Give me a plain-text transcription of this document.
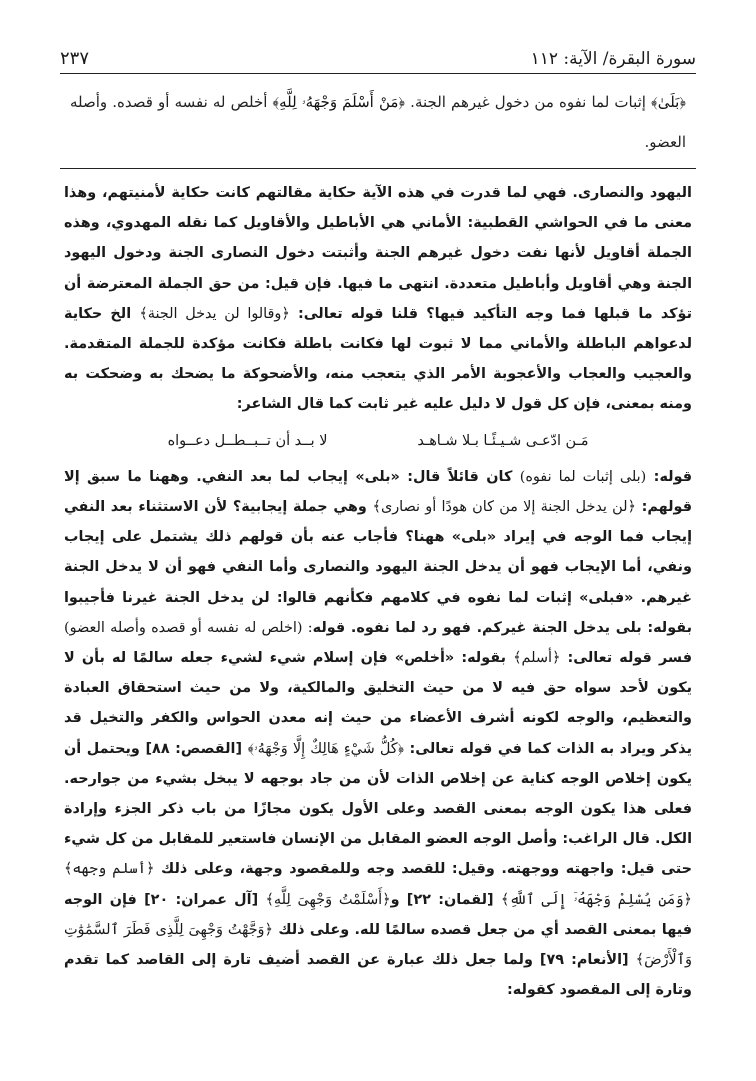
سورة البقرة/ الآية: ١١٢
٢٣٧
﴿بَلَىٰ﴾ إثبات لما نفوه من دخول غيرهم الجنة. ﴿مَنْ أَسْلَمَ وَجْهَهُۥ لِلَّهِ﴾ أخلص له نفسه أو قصده. وأصله العضو.

اليهود والنصارى. فهي لما قدرت في هذه الآية حكاية مقالتهم كانت حكاية لأمنيتهم، وهذا معنى ما في الحواشي القطبية: الأماني هي الأباطيل والأقاويل كما نقله المهدوي، وهذه الجملة أقاويل لأنها نفت دخول غيرهم الجنة وأثبتت دخول النصارى الجنة ودخول اليهود الجنة وهي أقاويل وأباطيل متعددة. انتهى ما فيها. فإن قيل: من حق الجملة المعترضة أن تؤكد ما قبلها فما وجه التأكيد فيها؟ قلنا قوله تعالى: ﴿وقالوا لن يدخل الجنة﴾ الخ حكاية لدعواهم الباطلة والأماني مما لا ثبوت لها فكانت باطلة فكانت مؤكدة للجملة المتقدمة. والعجيب والعجاب والأعجوبة الأمر الذي يتعجب منه، والأضحوكة ما يضحك به وضحكت به ومنه بمعنى، فإن كل قول لا دليل عليه غير ثابت كما قال الشاعر:

مَـن ادّعـى شـيـئًـا بـلا شـاهـد
لا بــد أن تــبــطــل دعــواه

قوله: (بلى إثبات لما نفوه) كان قائلاً قال: «بلى» إيجاب لما بعد النفي. وههنا ما سبق إلا قولهم: ﴿لن يدخل الجنة إلا من كان هودًا أو نصارى﴾ وهي جملة إيجابية؟ لأن الاستثناء بعد النفي إيجاب فما الوجه في إيراد «بلى» ههنا؟ فأجاب عنه بأن قولهم ذلك يشتمل على إيجاب ونفي، أما الإيجاب فهو أن يدخل الجنة اليهود والنصارى وأما النفي فهو أن لا يدخل الجنة غيرهم. «فبلى» إثبات لما نفوه في كلامهم فكأنهم قالوا: لن يدخل الجنة غيرنا فأجيبوا بقوله: بلى يدخل الجنة غيركم. فهو رد لما نفوه. قوله: (اخلص له نفسه أو قصده وأصله العضو) فسر قوله تعالى: ﴿أسلم﴾ بقوله: «أخلص» فإن إسلام شيء لشيء جعله سالمًا له بأن لا يكون لأحد سواه حق فيه لا من حيث التخليق والمالكية، ولا من حيث استحقاق العبادة والتعظيم، والوجه لكونه أشرف الأعضاء من حيث إنه معدن الحواس والكفر والتخيل قد يذكر ويراد به الذات كما في قوله تعالى: ﴿كُلُّ شَيْءٍ هَالِكٌ إِلَّا وَجْهَهُۥ﴾ [القصص: ٨٨] ويحتمل أن يكون إخلاص الوجه كناية عن إخلاص الذات لأن من جاد بوجهه لا يبخل بشيء من جوارحه. فعلى هذا يكون الوجه بمعنى القصد وعلى الأول يكون مجازًا من باب ذكر الجزء وإرادة الكل. قال الراغب: وأصل الوجه العضو المقابل من الإنسان فاستعير للمقابل من كل شيء حتى قيل: واجهته ووجهته. وقيل: للقصد وجه وللمقصود وجهة، وعلى ذلك ﴿أسلم وجهه﴾ ﴿وَمَن يُسْلِمْ وَجْهَهُۥٓ إِلَى ٱللَّهِ﴾ [لقمان: ٢٢] و﴿أَسْلَمْتُ وَجْهِىَ لِلَّهِ﴾ [آل عمران: ٢٠] فإن الوجه فيها بمعنى القصد أي من جعل قصده سالمًا لله. وعلى ذلك ﴿وَجَّهْتُ وَجْهِىَ لِلَّذِى فَطَرَ ٱلسَّمَٰوَٰتِ وَٱلْأَرْضَ﴾ [الأنعام: ٧٩] ولما جعل ذلك عبارة عن القصد أضيف تارة إلى القاصد كما تقدم وتارة إلى المقصود كقوله:
